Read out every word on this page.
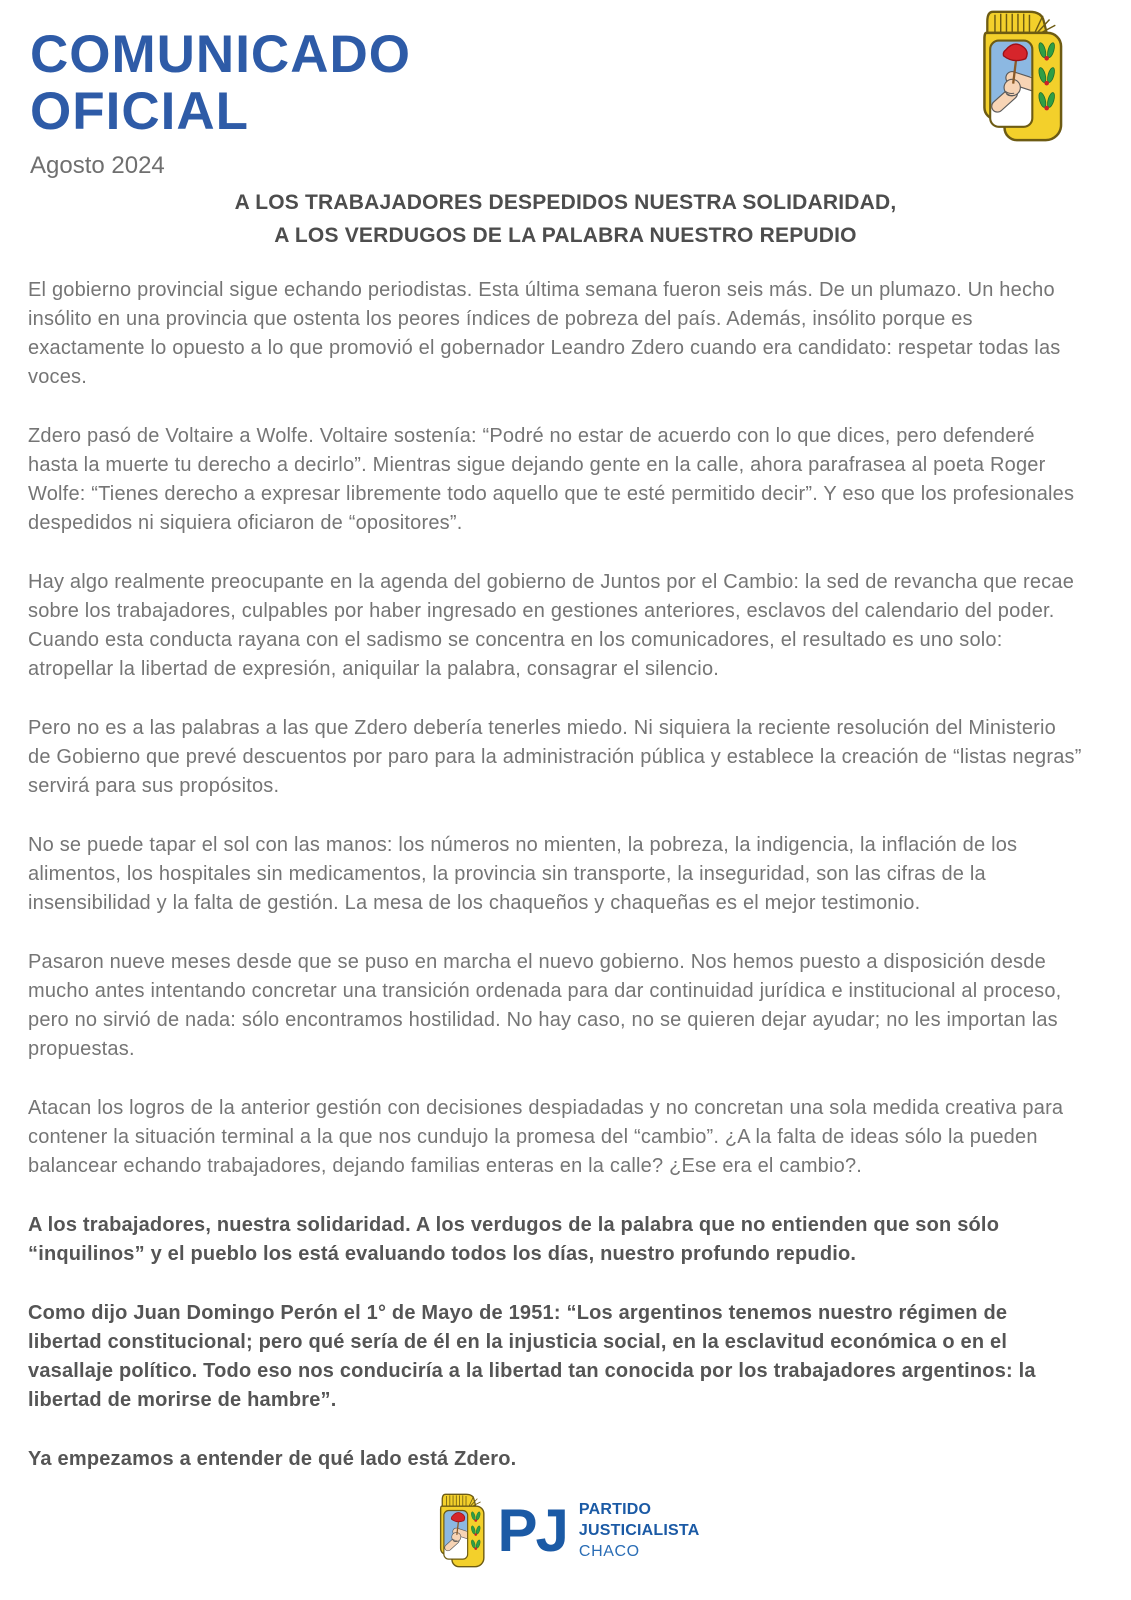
COMUNICADO
OFICIAL
Agosto 2024
A LOS TRABAJADORES DESPEDIDOS NUESTRA SOLIDARIDAD,
A LOS VERDUGOS DE LA PALABRA NUESTRO REPUDIO

El gobierno provincial sigue echando periodistas. Esta última semana fueron seis más. De un plumazo. Un hecho insólito en una provincia que ostenta los peores índices de pobreza del país. Además, insólito porque es exactamente lo opuesto a lo que promovió el gobernador Leandro Zdero cuando era candidato: respetar todas las voces.

Zdero pasó de Voltaire a Wolfe. Voltaire sostenía: “Podré no estar de acuerdo con lo que dices, pero defenderé hasta la muerte tu derecho a decirlo”. Mientras sigue dejando gente en la calle, ahora parafrasea al poeta Roger Wolfe: “Tienes derecho a expresar libremente todo aquello que te esté permitido decir”. Y eso que los profesionales despedidos ni siquiera oficiaron de “opositores”.

Hay algo realmente preocupante en la agenda del gobierno de Juntos por el Cambio: la sed de revancha que recae sobre los trabajadores, culpables por haber ingresado en gestiones anteriores, esclavos del calendario del poder. Cuando esta conducta rayana con el sadismo se concentra en los comunicadores, el resultado es uno solo: atropellar la libertad de expresión, aniquilar la palabra, consagrar el silencio.

Pero no es a las palabras a las que Zdero debería tenerles miedo. Ni siquiera la reciente resolución del Ministerio de Gobierno que prevé descuentos por paro para la administración pública y establece la creación de “listas negras” servirá para sus propósitos.

No se puede tapar el sol con las manos: los números no mienten, la pobreza, la indigencia, la inflación de los alimentos, los hospitales sin medicamentos, la provincia sin transporte, la inseguridad, son las cifras de la insensibilidad y la falta de gestión. La mesa de los chaqueños y chaqueñas es el mejor testimonio.

Pasaron nueve meses desde que se puso en marcha el nuevo gobierno. Nos hemos puesto a disposición desde mucho antes intentando concretar una transición ordenada para dar continuidad jurídica e institucional al proceso, pero no sirvió de nada: sólo encontramos hostilidad. No hay caso, no se quieren dejar ayudar; no les importan las propuestas.

Atacan los logros de la anterior gestión con decisiones despiadadas y no concretan una sola medida creativa para contener la situación terminal a la que nos cundujo la promesa del “cambio”. ¿A la falta de ideas sólo la pueden balancear echando trabajadores, dejando familias enteras en la calle? ¿Ese era el cambio?.

A los trabajadores, nuestra solidaridad. A los verdugos de la palabra que no entienden que son sólo “inquilinos” y el pueblo los está evaluando todos los días, nuestro profundo repudio.

Como dijo Juan Domingo Perón el 1° de Mayo de 1951: “Los argentinos tenemos nuestro régimen de libertad constitucional; pero qué sería de él en la injusticia social, en la esclavitud económica o en el vasallaje político. Todo eso nos conduciría a la libertad tan conocida por los trabajadores argentinos: la libertad de morirse de hambre”.

Ya empezamos a entender de qué lado está Zdero.

PJ PARTIDO
JUSTICIALISTA
CHACO
